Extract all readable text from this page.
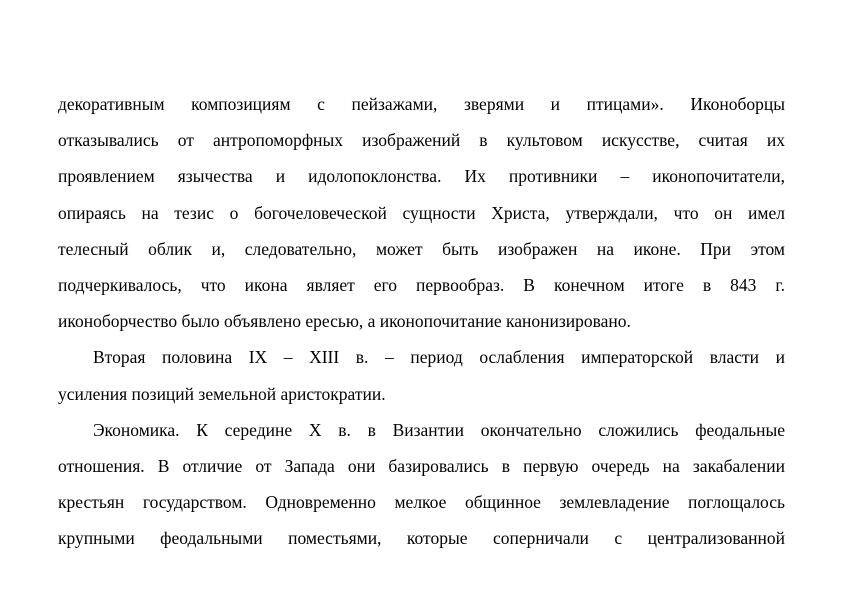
декоративным композициям с пейзажами, зверями и птицами». Иконоборцы
отказывались от антропоморфных изображений в культовом искусстве, считая их
проявлением язычества и идолопоклонства. Их противники – иконопочитатели,
опираясь на тезис о богочеловеческой сущности Христа, утверждали, что он имел
телесный облик и, следовательно, может быть изображен на иконе. При этом
подчеркивалось, что икона являет его первообраз. В конечном итоге в 843 г.
иконоборчество было объявлено ересью, а иконопочитание канонизировано.
Вторая половина IX – XIII в. – период ослабления императорской власти и
усиления позиций земельной аристократии.
Экономика. К середине X в. в Византии окончательно сложились феодальные
отношения. В отличие от Запада они базировались в первую очередь на закабалении
крестьян государством. Одновременно мелкое общинное землевладение поглощалось
крупными феодальными поместьями, которые соперничали с централизованной
